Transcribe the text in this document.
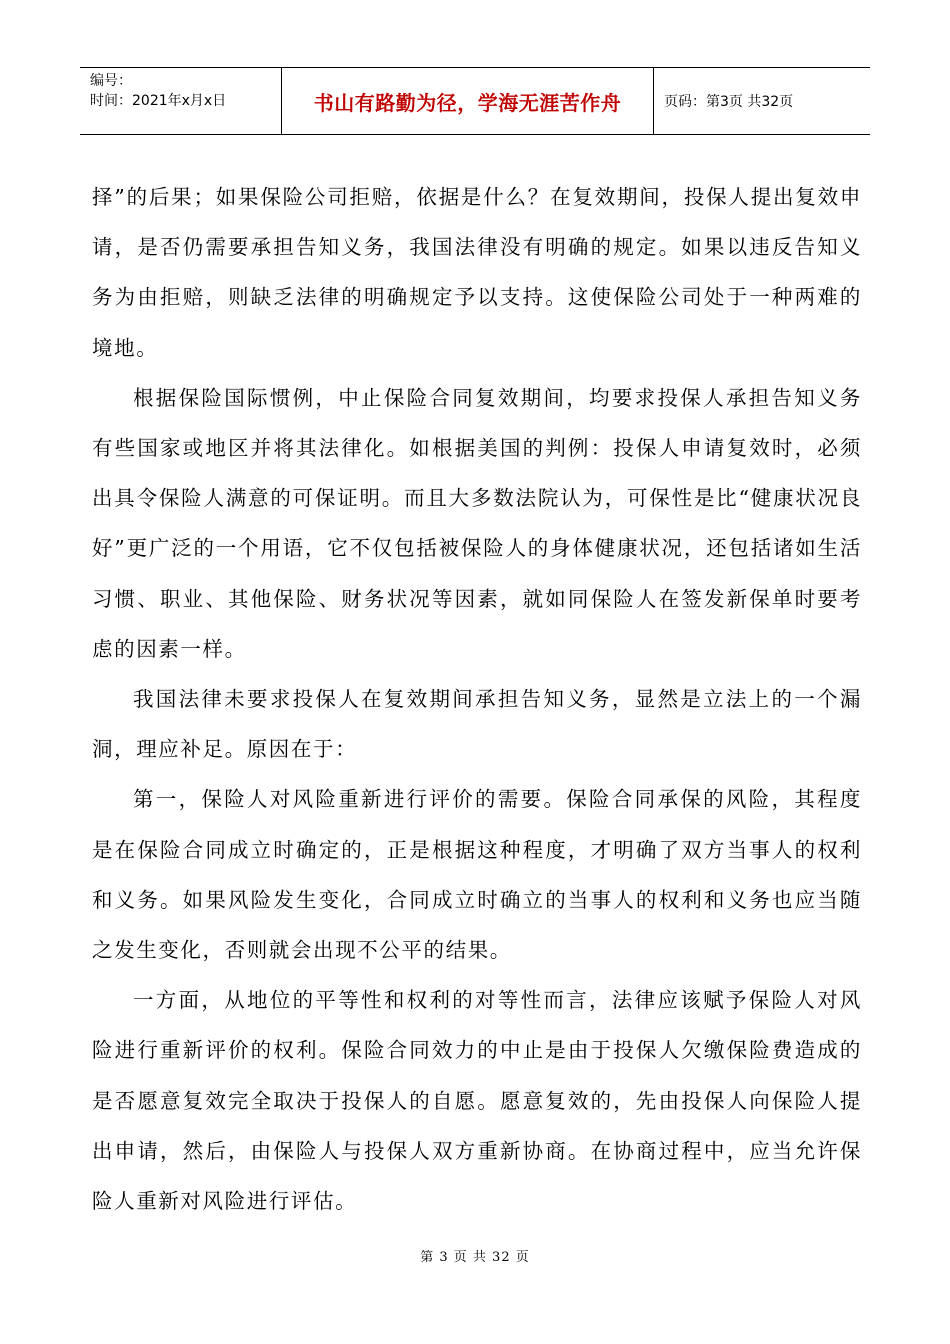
编号：
时间：2021年x月x日	书山有路勤为径，学海无涯苦作舟	页码：第3页 共32页

择”的后果；如果保险公司拒赔，依据是什么？在复效期间，投保人提出复效申请，是否仍需要承担告知义务，我国法律没有明确的规定。如果以违反告知义务为由拒赔，则缺乏法律的明确规定予以支持。这使保险公司处于一种两难的境地。

根据保险国际惯例，中止保险合同复效期间，均要求投保人承担告知义务有些国家或地区并将其法律化。如根据美国的判例：投保人申请复效时，必须出具令保险人满意的可保证明。而且大多数法院认为，可保性是比“健康状况良好”更广泛的一个用语，它不仅包括被保险人的身体健康状况，还包括诸如生活习惯、职业、其他保险、财务状况等因素，就如同保险人在签发新保单时要考虑的因素一样。

我国法律未要求投保人在复效期间承担告知义务，显然是立法上的一个漏洞，理应补足。原因在于：

第一，保险人对风险重新进行评价的需要。保险合同承保的风险，其程度是在保险合同成立时确定的，正是根据这种程度，才明确了双方当事人的权利和义务。如果风险发生变化，合同成立时确立的当事人的权利和义务也应当随之发生变化，否则就会出现不公平的结果。

一方面，从地位的平等性和权利的对等性而言，法律应该赋予保险人对风险进行重新评价的权利。保险合同效力的中止是由于投保人欠缴保险费造成的是否愿意复效完全取决于投保人的自愿。愿意复效的，先由投保人向保险人提出申请，然后，由保险人与投保人双方重新协商。在协商过程中，应当允许保险人重新对风险进行评估。

第 3 页 共 32 页
